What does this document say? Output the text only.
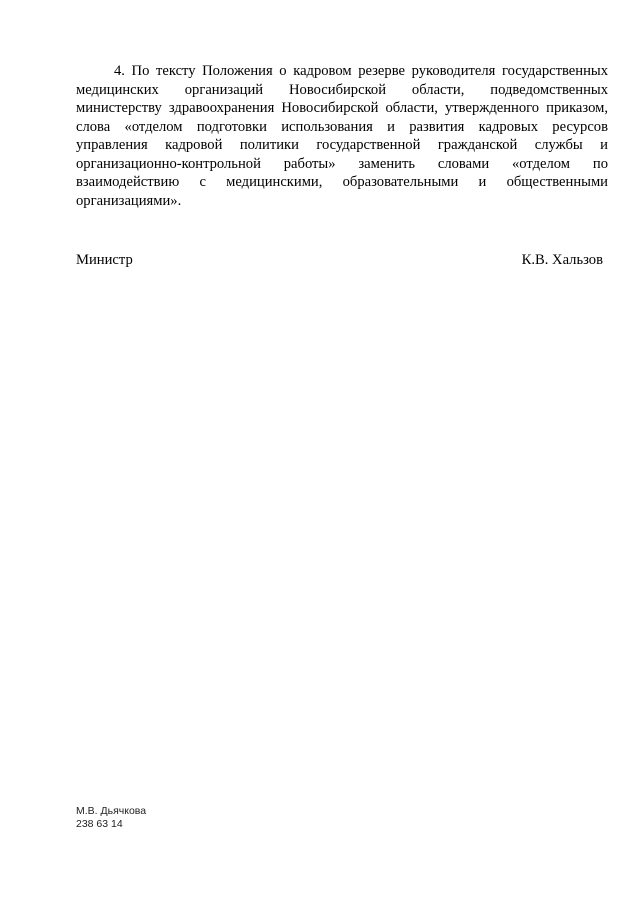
4. По тексту Положения о кадровом резерве руководителя государственных медицинских организаций Новосибирской области, подведомственных министерству здравоохранения Новосибирской области, утвержденного приказом, слова «отделом подготовки использования и развития кадровых ресурсов управления кадровой политики государственной гражданской службы и организационно-контрольной работы» заменить словами «отделом по взаимодействию с медицинскими, образовательными и общественными организациями».

Министр	К.В. Хальзов
М.В. Дьячкова
238 63 14
